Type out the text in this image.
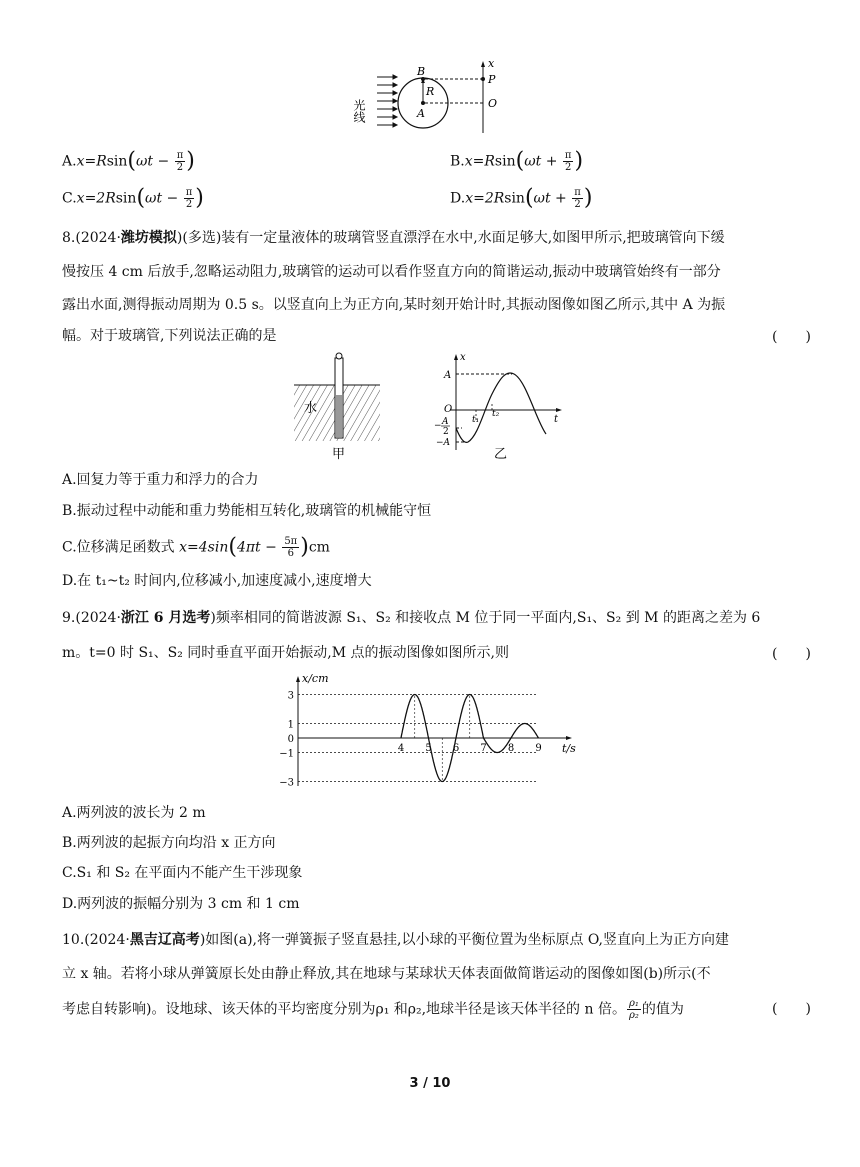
光线
B
R
A
x
P
O
$A.x=Rsin(\omega t - \frac{\pi}{2}$ )	$B.x=Rsin(\omega t + \frac{\pi}{2}$ )
$C.x=2Rsin(\omega t - \frac{\pi}{2}$ )	$D.x=2Rsin(\omega t + \frac{\pi}{2}$ )
8.(2024·潍坊模拟)(多选)装有一定量液体的玻璃管竖直漂浮在水中,水面足够大,如图甲所示,把玻璃管向下缓
慢按压 4 cm 后放手,忽略运动阻力,玻璃管的运动可以看作竖直方向的简谐运动,振动中玻璃管始终有一部分
露出水面,测得振动周期为 0.5 s。以竖直向上为正方向,某时刻开始计时,其振动图像如图乙所示,其中 A 为振
幅。对于玻璃管,下列说法正确的是	(　　)
水
甲
x
A
O
t₁
t₂	t
− A
2
−A
乙
A.回复力等于重力和浮力的合力
B.振动过程中动能和重力势能相互转化,玻璃管的机械能守恒
C.位移满足函数式 $x=4\sin(4\pi t - \frac{5\pi}{6} )cm$
D.在 t₁~t₂ 时间内,位移减小,加速度减小,速度增大
9.(2024·浙江 6 月选考)频率相同的简谐波源 S₁、S₂ 和接收点 M 位于同一平面内,S₁、S₂ 到 M 的距离之差为 6
m。t=0 时 S₁、S₂ 同时垂直平面开始振动,M 点的振动图像如图所示,则	(　　)
3
1
0
−1
−3
4 5 6 7 8 9
x/cm
t/s
A.两列波的波长为 2 m
B.两列波的起振方向均沿 x 正方向
C.S₁ 和 S₂ 在平面内不能产生干涉现象
D.两列波的振幅分别为 3 cm 和 1 cm
10.(2024·黑吉辽高考)如图(a),将一弹簧振子竖直悬挂,以小球的平衡位置为坐标原点 O,竖直向上为正方向建
立 x 轴。若将小球从弹簧原长处由静止释放,其在地球与某球状天体表面做简谐运动的图像如图(b)所示(不
考虑自转影响)。设地球、该天体的平均密度分别为ρ₁ 和ρ₂,地球半径是该天体半径的 n 倍。 $\frac{\text{ρ₁}}{\text{ρ₂}}$ 的值为	(　　)
3 / 10
